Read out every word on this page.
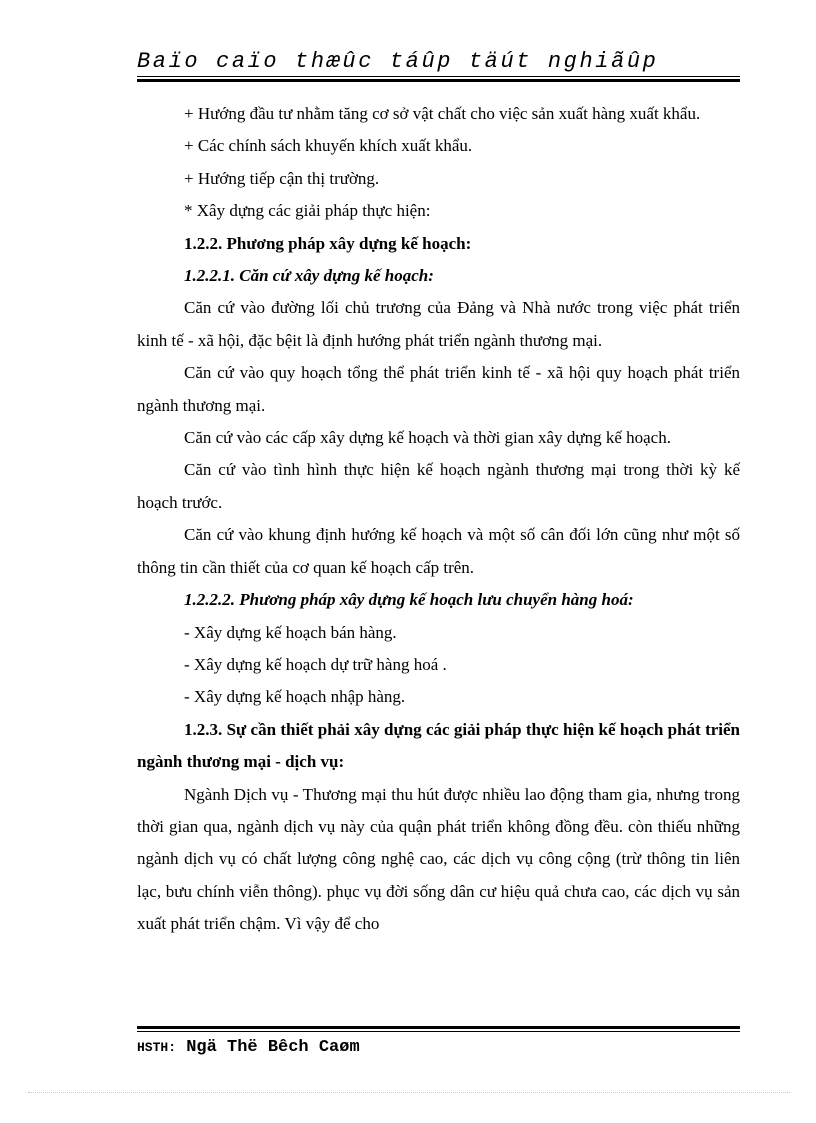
Baïo caïo thæûc táûp täút nghiãûp

+ Hướng đầu tư nhằm tăng cơ sở vật chất cho việc sản xuất hàng xuất khẩu.

+ Các chính sách khuyến khích xuất khẩu.

+ Hướng tiếp cận thị trường.

* Xây dựng các giải pháp thực hiện:

1.2.2. Phương pháp xây dựng kế hoạch:

1.2.2.1. Căn cứ xây dựng kế hoạch:

Căn cứ vào đường lối chủ trương của Đảng và Nhà nước trong việc phát triển kinh tế - xã hội, đặc bệit là định hướng phát triển ngành thương mại.

Căn cứ vào quy hoạch tổng thể phát triển kinh tế - xã hội quy hoạch phát triển ngành thương mại.

Căn cứ vào các cấp xây dựng kế hoạch và thời gian xây dựng kế hoạch.

Căn cứ vào tình hình thực hiện kế hoạch ngành thương mại trong thời kỳ kế hoạch trước.

Căn cứ vào khung định hướng kế hoạch và một số cân đối lớn cũng như một số thông tin cần thiết của cơ quan kế hoạch cấp trên.

1.2.2.2. Phương pháp xây dựng kế hoạch lưu chuyển hàng hoá:

- Xây dựng kế hoạch bán hàng.

- Xây dựng kế hoạch dự trữ hàng hoá .

- Xây dựng kế hoạch nhập hàng.

1.2.3. Sự cần thiết phải xây dựng các giải pháp thực hiện kế hoạch phát triển ngành thương mại - dịch vụ:

Ngành Dịch vụ - Thương mại thu hút được nhiều lao động tham gia, nhưng trong thời gian qua, ngành dịch vụ này của quận phát triển không đồng đều. còn thiếu những ngành dịch vụ có chất lượng công nghệ cao, các dịch vụ công cộng (trừ thông tin liên lạc, bưu chính viễn thông). phục vụ đời sống dân cư hiệu quả chưa cao, các dịch vụ sản xuất phát triển chậm. Vì vậy để cho

HSTH: Ngä Thë Bêch Caøm
